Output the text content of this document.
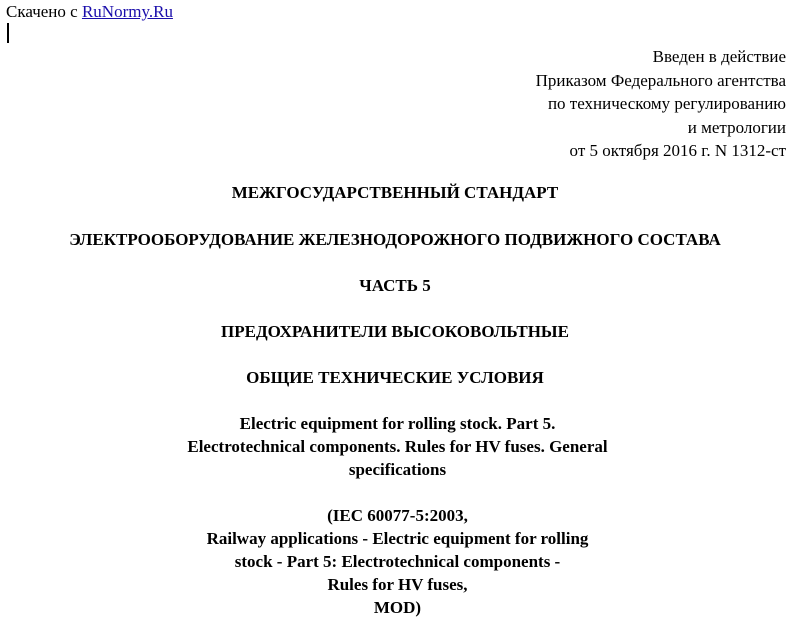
Скачено с RuNormy.Ru
Введен в действие
Приказом Федерального агентства
по техническому регулированию
и метрологии
от 5 октября 2016 г. N 1312-ст
МЕЖГОСУДАРСТВЕННЫЙ СТАНДАРТ
ЭЛЕКТРООБОРУДОВАНИЕ ЖЕЛЕЗНОДОРОЖНОГО ПОДВИЖНОГО СОСТАВА
ЧАСТЬ 5
ПРЕДОХРАНИТЕЛИ ВЫСОКОВОЛЬТНЫЕ
ОБЩИЕ ТЕХНИЧЕСКИЕ УСЛОВИЯ
Electric equipment for rolling stock. Part 5.
Electrotechnical components. Rules for HV fuses. General
specifications
(IEC 60077-5:2003,
Railway applications - Electric equipment for rolling
stock - Part 5: Electrotechnical components -
Rules for HV fuses,
MOD)
